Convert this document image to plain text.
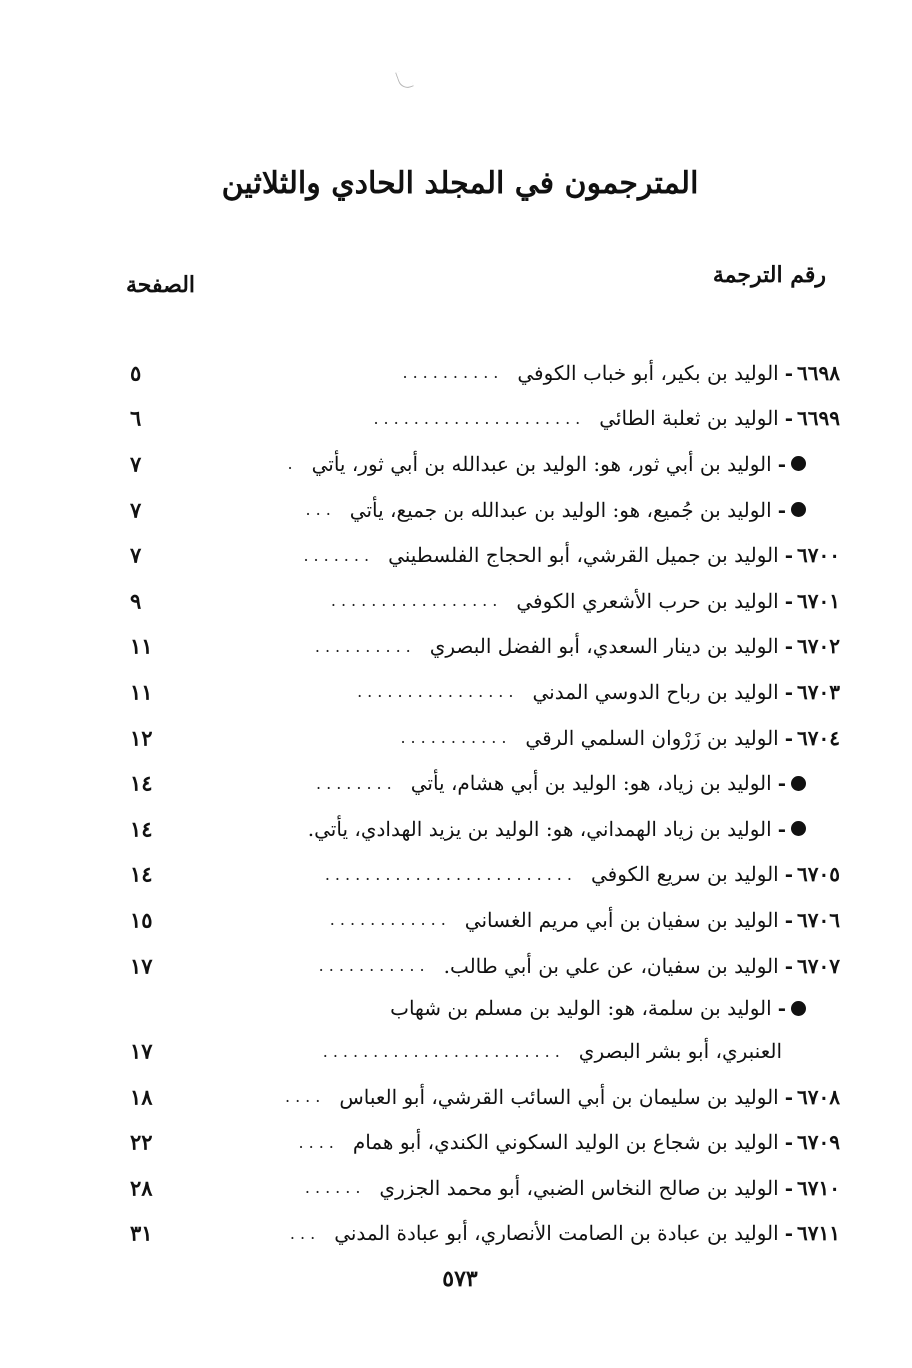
المترجمون في المجلد الحادي والثلاثين
رقم الترجمة
الصفحة
٦٦٩٨
-
الوليد بن بكير، أبو خباب الكوفي
..........
٥
٦٦٩٩
-
الوليد بن ثعلبة الطائي
.....................
٦
-
الوليد بن أبي ثور، هو: الوليد بن عبدالله بن أبي ثور، يأتي
.
٧
-
الوليد بن جُميع، هو: الوليد بن عبدالله بن جميع، يأتي
...
٧
٦٧٠٠
-
الوليد بن جميل القرشي، أبو الحجاج الفلسطيني
.......
٧
٦٧٠١
-
الوليد بن حرب الأشعري الكوفي
.................
٩
٦٧٠٢
-
الوليد بن دينار السعدي، أبو الفضل البصري
..........
١١
٦٧٠٣
-
الوليد بن رباح الدوسي المدني
................
١١
٦٧٠٤
-
الوليد بن زَرْوان السلمي الرقي
...........
١٢
-
الوليد بن زياد، هو: الوليد بن أبي هشام، يأتي
........
١٤
-
الوليد بن زياد الهمداني، هو: الوليد بن يزيد الهدادي، يأتي.
١٤
٦٧٠٥
-
الوليد بن سريع الكوفي
.........................
١٤
٦٧٠٦
-
الوليد بن سفيان بن أبي مريم الغساني
............
١٥
٦٧٠٧
-
الوليد بن سفيان، عن علي بن أبي طالب.
...........
١٧
-
الوليد بن سلمة، هو: الوليد بن مسلم بن شهاب
العنبري، أبو بشر البصري
........................
١٧
٦٧٠٨
-
الوليد بن سليمان بن أبي السائب القرشي، أبو العباس
....
١٨
٦٧٠٩
-
الوليد بن شجاع بن الوليد السكوني الكندي، أبو همام
....
٢٢
٦٧١٠
-
الوليد بن صالح النخاس الضبي، أبو محمد الجزري
......
٢٨
٦٧١١
-
الوليد بن عبادة بن الصامت الأنصاري، أبو عبادة المدني
...
٣١
٥٧٣
